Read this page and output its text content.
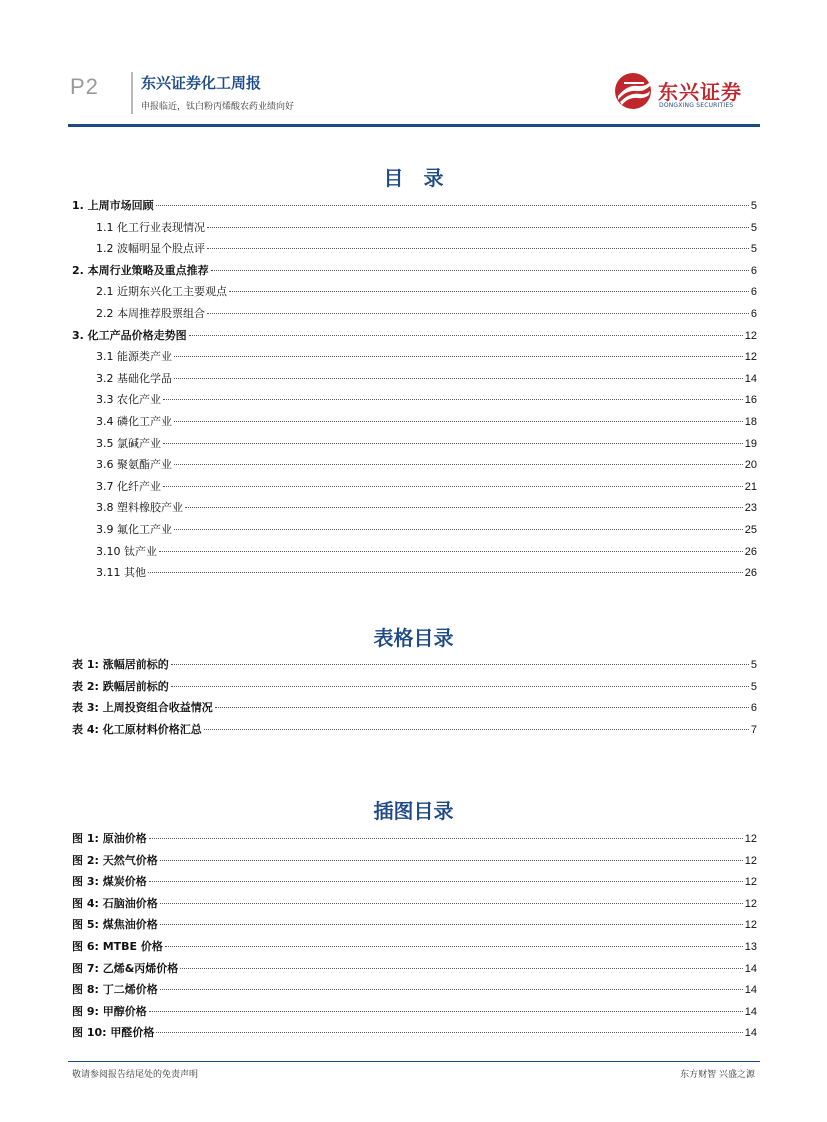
P2	东兴证券化工周报
申报临近，钛白粉丙烯酸农药业绩向好
东兴证券
DONGXING SECURITIES
目　录
1. 上周市场回顾	5
1.1 化工行业表现情况	5
1.2 波幅明显个股点评	5
2. 本周行业策略及重点推荐	6
2.1 近期东兴化工主要观点	6
2.2 本周推荐股票组合	6
3. 化工产品价格走势图	12
3.1 能源类产业	12
3.2 基础化学品	14
3.3 农化产业	16
3.4 磷化工产业	18
3.5 氯碱产业	19
3.6 聚氨酯产业	20
3.7 化纤产业	21
3.8 塑料橡胶产业	23
3.9 氟化工产业	25
3.10 钛产业	26
3.11 其他	26
表格目录
表 1: 涨幅居前标的	5
表 2: 跌幅居前标的	5
表 3: 上周投资组合收益情况	6
表 4: 化工原材料价格汇总	7
插图目录
图 1: 原油价格	12
图 2: 天然气价格	12
图 3: 煤炭价格	12
图 4: 石脑油价格	12
图 5: 煤焦油价格	12
图 6: MTBE 价格	13
图 7: 乙烯&丙烯价格	14
图 8: 丁二烯价格	14
图 9: 甲醇价格	14
图 10: 甲醛价格	14
敬请参阅报告结尾处的免责声明	东方财智 兴盛之源
